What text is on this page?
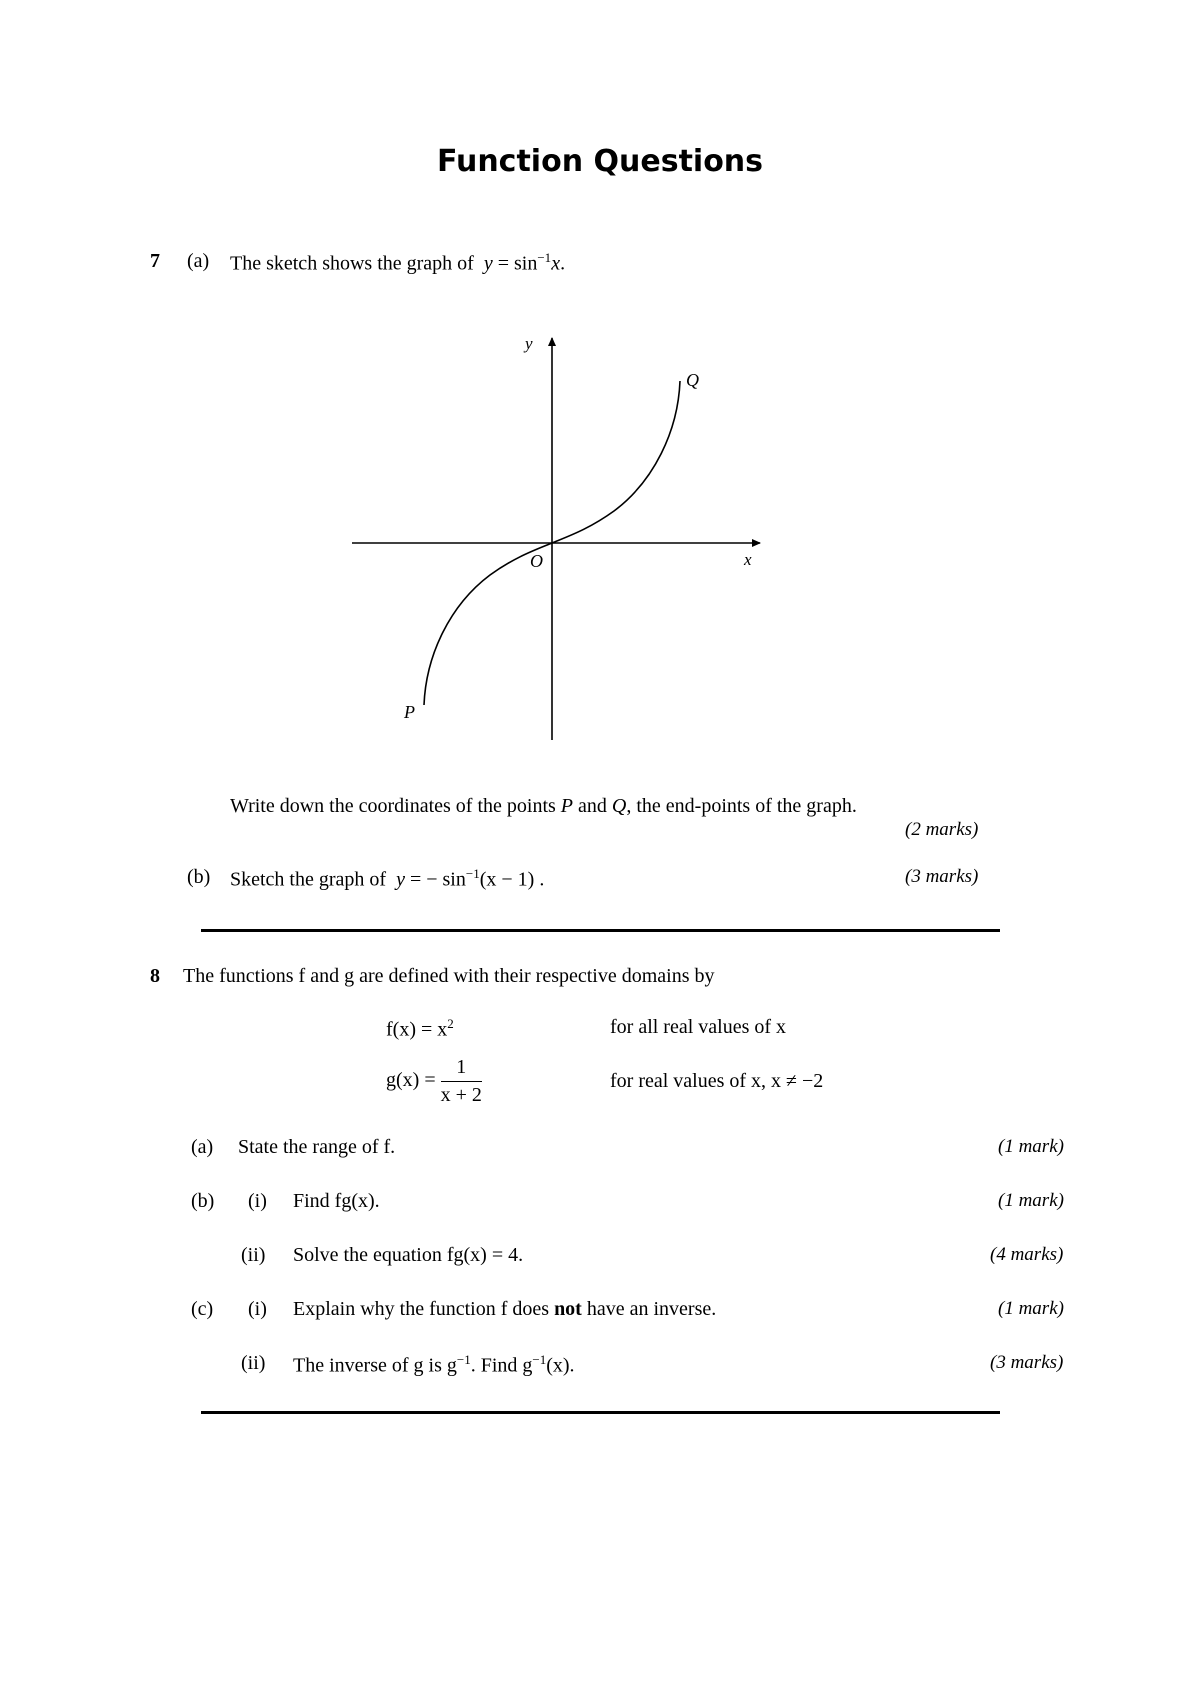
Function Questions
7 (a) The sketch shows the graph of $y = \sin^{-1}x$.
y
x
O
P
Q
Write down the coordinates of the points P and Q, the end-points of the graph.
(2 marks)
(b) Sketch the graph of y = − $\sin^{-1}(x - 1)$ .	(3 marks)
8 The functions f and g are defined with their respective domains by
$f(x) = x^2$	for all real values of x
$g(x) = \frac{1}{x + 2}$	for real values of x, x ≠ −2
(a) State the range of f.	(1 mark)
(b) (i) Find fg(x).	(1 mark)
(ii) Solve the equation fg(x) = 4.	(4 marks)
(c) (i) Explain why the function f does not have an inverse.	(1 mark)
(ii) The inverse of g is $g^{-1}$. Find $g^{-1}(x)$.	(3 marks)
